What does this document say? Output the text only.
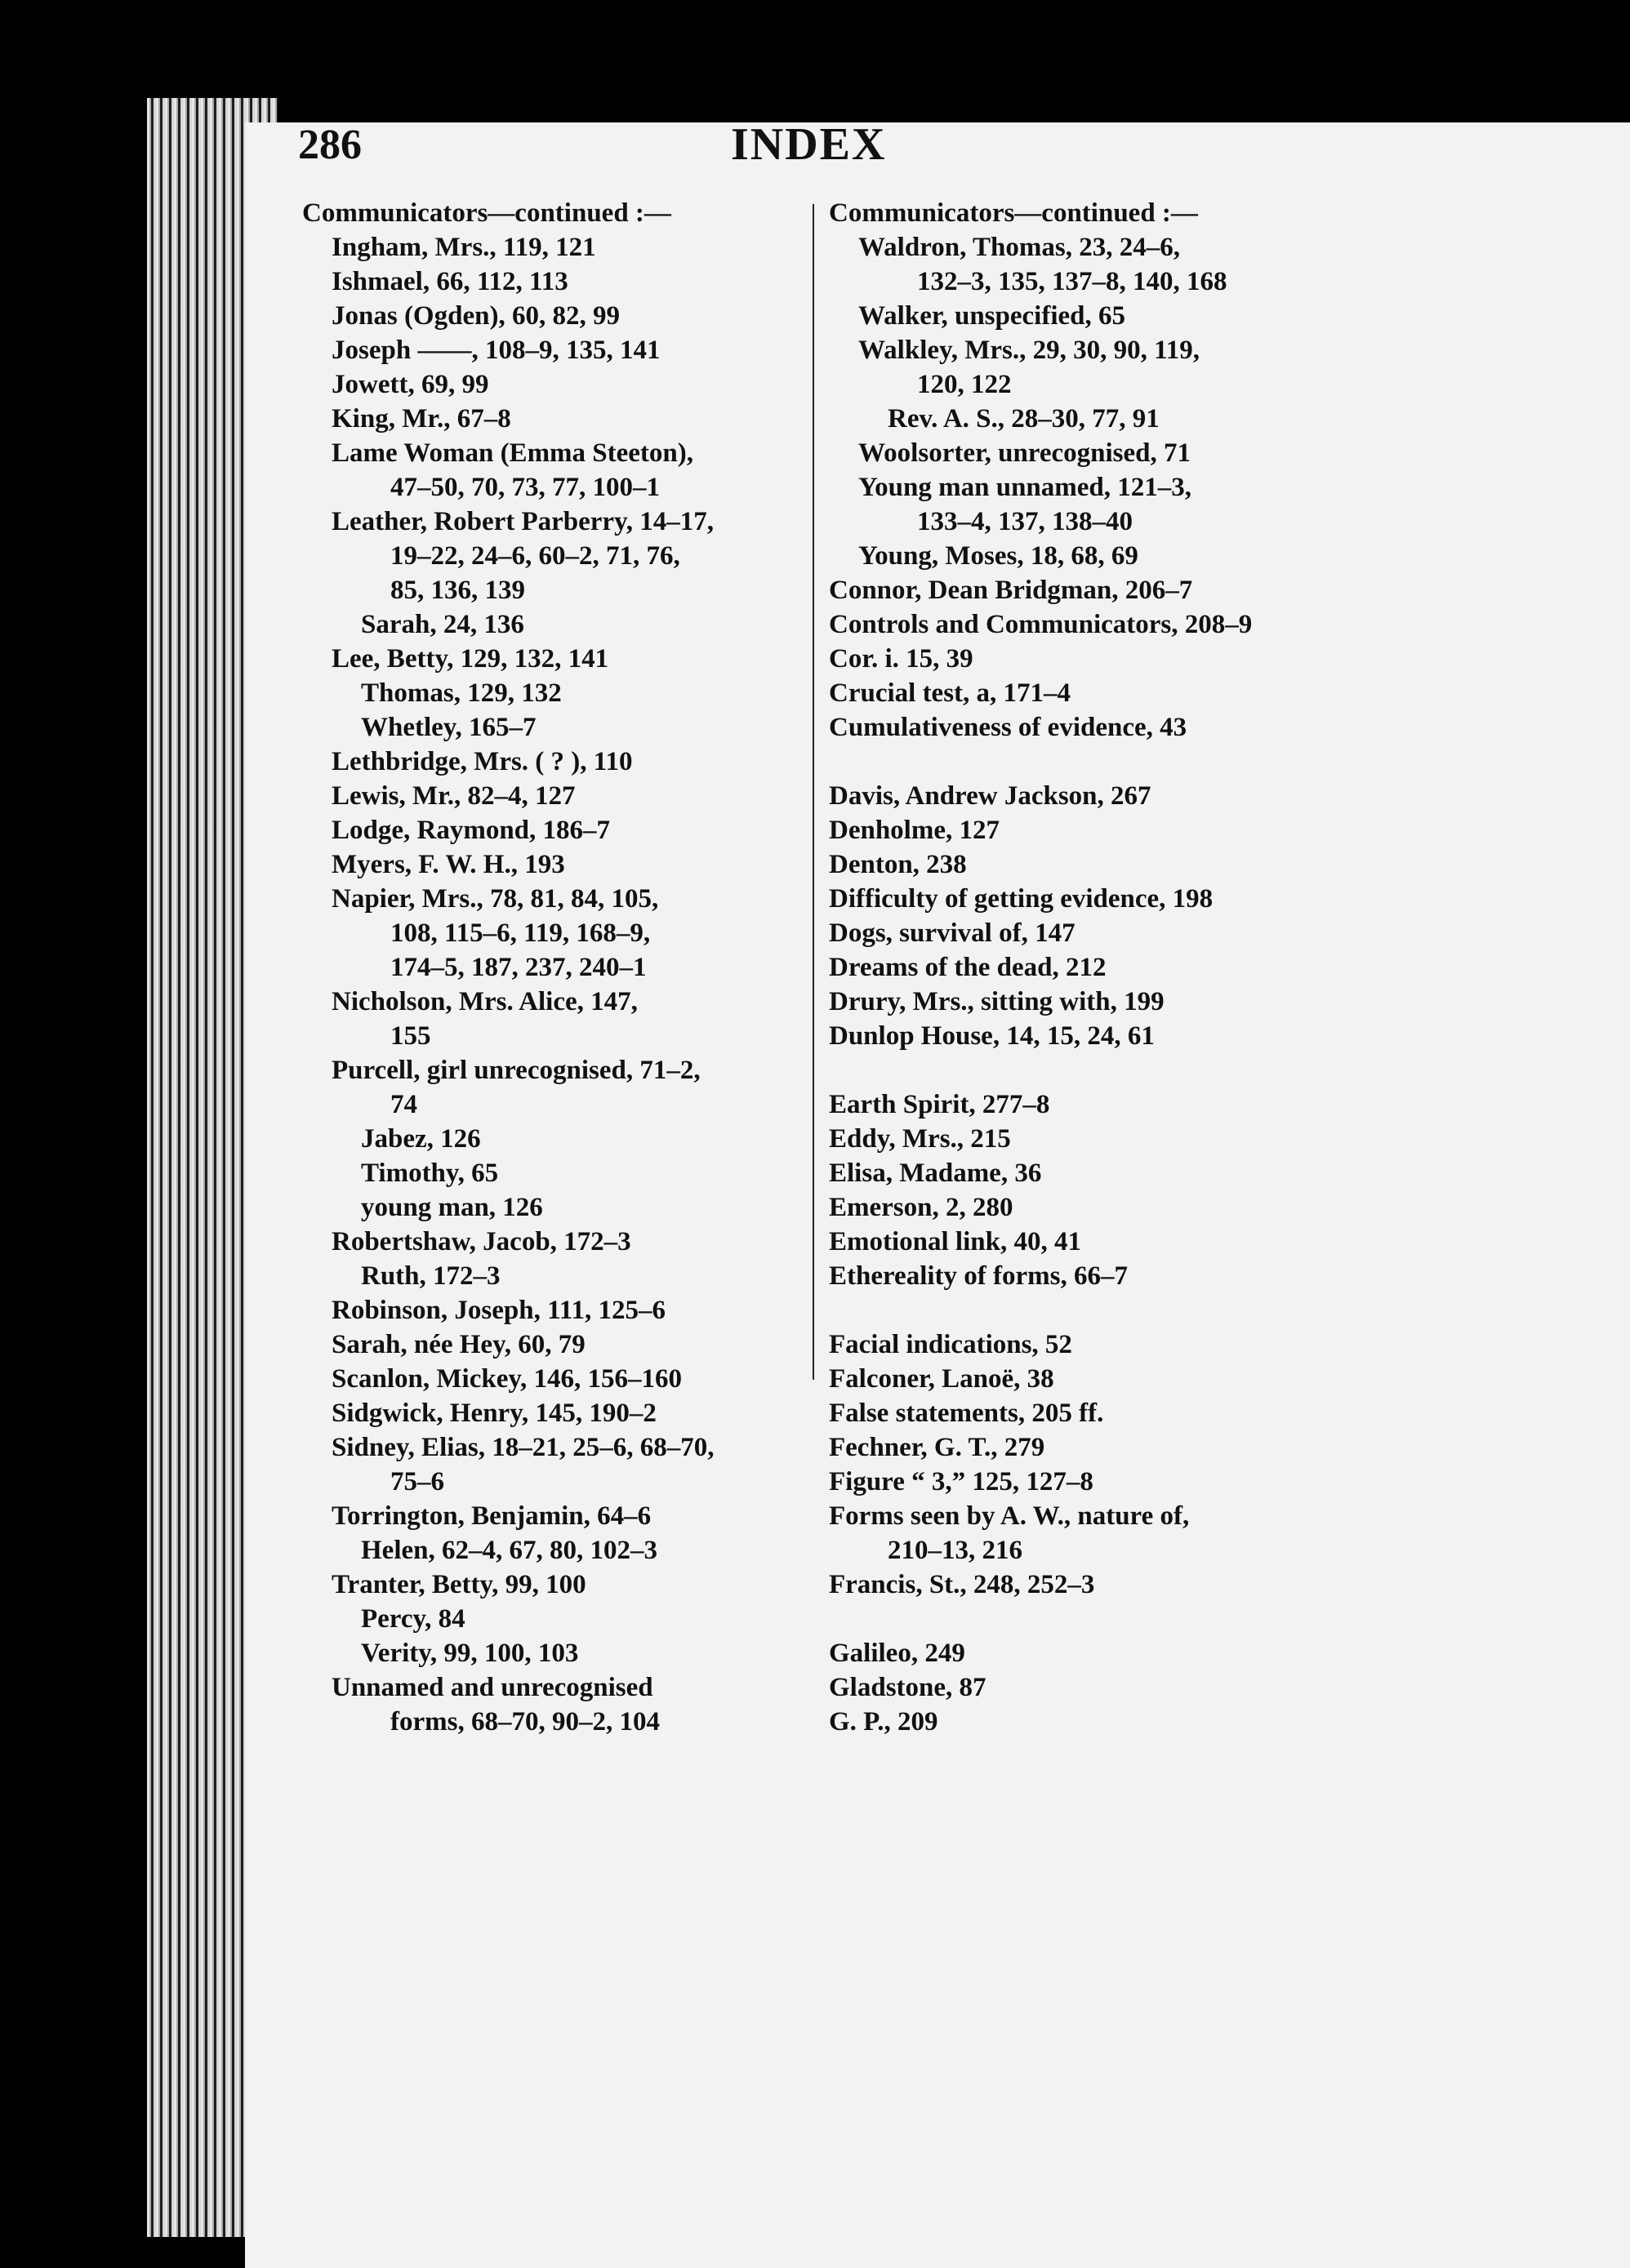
286	INDEX
Communicators—continued :—
Ingham, Mrs., 119, 121
Ishmael, 66, 112, 113
Jonas (Ogden), 60, 82, 99
Joseph ——, 108–9, 135, 141
Jowett, 69, 99
King, Mr., 67–8
Lame Woman (Emma Steeton),
47–50, 70, 73, 77, 100–1
Leather, Robert Parberry, 14–17,
19–22, 24–6, 60–2, 71, 76,
85, 136, 139
Sarah, 24, 136
Lee, Betty, 129, 132, 141
Thomas, 129, 132
Whetley, 165–7
Lethbridge, Mrs. ( ? ), 110
Lewis, Mr., 82–4, 127
Lodge, Raymond, 186–7
Myers, F. W. H., 193
Napier, Mrs., 78, 81, 84, 105,
108, 115–6, 119, 168–9,
174–5, 187, 237, 240–1
Nicholson, Mrs. Alice, 147,
155
Purcell, girl unrecognised, 71–2,
74
Jabez, 126
Timothy, 65
young man, 126
Robertshaw, Jacob, 172–3
Ruth, 172–3
Robinson, Joseph, 111, 125–6
Sarah, née Hey, 60, 79
Scanlon, Mickey, 146, 156–160
Sidgwick, Henry, 145, 190–2
Sidney, Elias, 18–21, 25–6, 68–70,
75–6
Torrington, Benjamin, 64–6
Helen, 62–4, 67, 80, 102–3
Tranter, Betty, 99, 100
Percy, 84
Verity, 99, 100, 103
Unnamed and unrecognised
forms, 68–70, 90–2, 104
Communicators—continued :—
Waldron, Thomas, 23, 24–6,
132–3, 135, 137–8, 140, 168
Walker, unspecified, 65
Walkley, Mrs., 29, 30, 90, 119,
120, 122
Rev. A. S., 28–30, 77, 91
Woolsorter, unrecognised, 71
Young man unnamed, 121–3,
133–4, 137, 138–40
Young, Moses, 18, 68, 69
Connor, Dean Bridgman, 206–7
Controls and Communicators, 208–9
Cor. i. 15, 39
Crucial test, a, 171–4
Cumulativeness of evidence, 43
Davis, Andrew Jackson, 267
Denholme, 127
Denton, 238
Difficulty of getting evidence, 198
Dogs, survival of, 147
Dreams of the dead, 212
Drury, Mrs., sitting with, 199
Dunlop House, 14, 15, 24, 61
Earth Spirit, 277–8
Eddy, Mrs., 215
Elisa, Madame, 36
Emerson, 2, 280
Emotional link, 40, 41
Ethereality of forms, 66–7
Facial indications, 52
Falconer, Lanoë, 38
False statements, 205 ff.
Fechner, G. T., 279
Figure “ 3,” 125, 127–8
Forms seen by A. W., nature of,
210–13, 216
Francis, St., 248, 252–3
Galileo, 249
Gladstone, 87
G. P., 209
